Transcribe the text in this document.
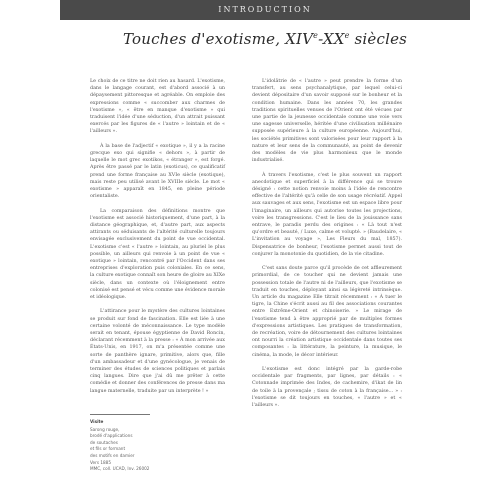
INTRODUCTION
Touches d'exotisme, XIVe-XXe siècles

Le choix de ce titre ne doit rien au hasard. L'exotisme, dans le langage courant, est d'abord associé à un dépaysement pittoresque et agréable. On emploie des expressions comme « succomber aux charmes de l'exotisme », « être en manque d'exotisme » qui traduisent l'idée d'une séduction, d'un attrait puissant exercés par les figures de « l'autre » lointain et de « l'ailleurs ».

À la base de l'adjectif « exotique », il y a la racine grecque exo qui signifie « dehors », à partir de laquelle le mot grec exotikos, « étranger », est forgé. Après être passé par le latin (exoticus), ce qualificatif prend une forme française au XVIe siècle (exotique), mais reste peu utilisé avant le XVIIIe siècle. Le mot « exotisme » apparaît en 1845, en pleine période orientaliste.

La comparaison des définitions montre que l'exotisme est associé historiquement, d'une part, à la distance géographique, et, d'autre part, aux aspects attirants ou séduisants de l'altérité culturelle toujours envisagée exclusivement du point de vue occidental. L'exotisme c'est « l'autre » lointain, au pluriel le plus possible, un ailleurs qui renvoie à un point de vue « exotique » lointain, rencontré par l'Occident dans ses entreprises d'exploration puis coloniales. En ce sens, la culture exotique connaît son heure de gloire au XIXe siècle, dans un contexte où l'éloignement entre colonisé est pensé et vécu comme une évidence morale et idéologique.

L'attirance pour le mystère des cultures lointaines se produit sur fond de fascination. Elle est liée à une certaine volonté de méconnaissance. Le type modèle serait en tenant, épouse égyptienne de David Roncin, déclarant récemment à la presse : « À mon arrivée aux États-Unis, en 1917, on m'a présentée comme une sorte de panthère ignare, primitive, alors que, fille d'un ambassadeur et d'une gynécologue, je venais de terminer des études de sciences politiques et parlais cinq langues. Dire que j'ai dû me prêter à cette comédie et donner des conférences de presse dans ma langue maternelle, traduite par un interprète ! »

L'idolâtrie de « l'autre » peut prendre la forme d'un transfert, au sens psychanalytique, par lequel celui-ci devient dépositaire d'un savoir supposé sur le bonheur et la condition humaine. Dans les années 70, les grandes traditions spirituelles venues de l'Orient ont été vécues par une partie de la jeunesse occidentale comme une voie vers une sagesse universelle, héritée d'une civilisation millénaire supposée supérieure à la culture européenne. Aujourd'hui, les sociétés primitives sont valorisées pour leur rapport à la nature et leur sens de la communauté, au point de devenir des modèles de vie plus harmonieux que le monde industrialisé.

À travers l'exotisme, c'est le plus souvent un rapport anecdotique et superficiel à la différence qui se trouve désigné : cette notion renvoie moins à l'idée de rencontre effective de l'altérité qu'à celle de son usage récréatif. Appel aux sauvages et aux sens, l'exotisme est un espace libre pour l'imaginaire, un ailleurs qui autorise toutes les projections, voire les transgressions. C'est le lieu de la jouissance sans entrave, le paradis perdu des origines : « Là tout n'est qu'ordre et beauté, / Luxe, calme et volupté. » (Baudelaire, « L'invitation au voyage », Les Fleurs du mal, 1857). Dispensatrice de bonheur, l'exotisme permet aussi tout de conjurer la monotonie du quotidien, de la vie citadine.

C'est sans doute parce qu'il procède de cet affleurement primordial, de ce toucher qui ne devient jamais une possession totale de l'autre ni de l'ailleurs, que l'exotisme se traduit en touches, déployant ainsi sa légèreté intrinsèque. Un article du magazine Elle titrait récemment : « À tuer le tigre, la Chine s'écrit aussi au fil des associations courantes entre Extrême-Orient et chinoiserie. » Le mirage de l'exotisme tend à être approprié par de multiples formes d'expressions artistiques. Les pratiques de transformation, de recréation, voire de détournement des cultures lointaines ont nourri la création artistique occidentale dans toutes ses composantes : la littérature, la peinture, la musique, le cinéma, la mode, le décor intérieur.

L'exotisme est donc intégré par la garde-robe occidentale par fragments, par lignes, par détails : « Cotonnade imprimée des Indes, de cachemire, d'ikat de lin de toile à la provençale ; tissu de coton à la française... » : l'exotisme se dit toujours en touches, « l'autre » et « l'ailleurs ».

Visite
Sarong rouge,
brodé d'applications
de soutaches
et fils or formant
des motifs en damier
Vers 1885
MMC, coll. UCAD, Inv. 26002
